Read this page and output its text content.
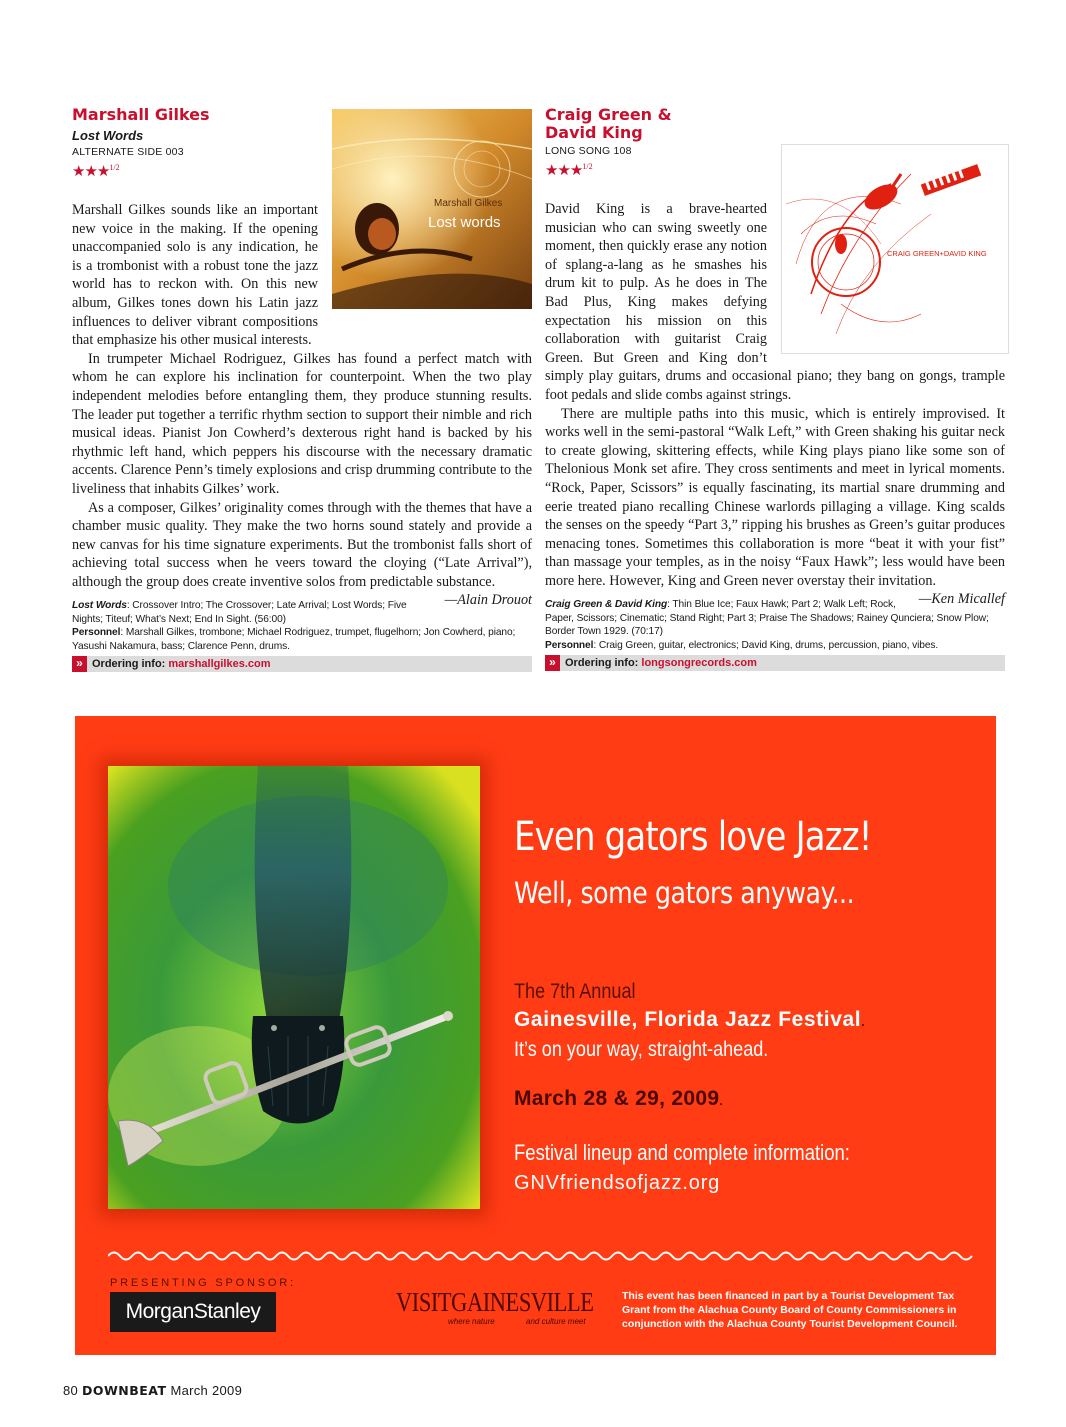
Marshall Gilkes
Lost Words
ALTERNATE SIDE 003
★★★$^{1/2}$
Marshall Gilkes
Lost words

Marshall Gilkes sounds like an important new voice in the making. If the opening unaccompanied solo is any indication, he is a trombonist with a robust tone the jazz world has to reckon with. On this new album, Gilkes tones down his Latin jazz influences to deliver vibrant compositions that emphasize his other musical interests.

In trumpeter Michael Rodriguez, Gilkes has found a perfect match with whom he can explore his inclination for counterpoint. When the two play independent melodies before entangling them, they produce stunning results. The leader put together a terrific rhythm section to support their nimble and rich musical ideas. Pianist Jon Cowherd’s dexterous right hand is backed by his rhythmic left hand, which peppers his discourse with the necessary dramatic accents. Clarence Penn’s timely explosions and crisp drumming contribute to the liveliness that inhabits Gilkes’ work.

As a composer, Gilkes’ originality comes through with the themes that have a chamber music quality. They make the two horns sound stately and provide a new canvas for his time signature experiments. But the trombonist falls short of achieving total success when he veers toward the cloying (“Late Arrival”), although the group does create inventive solos from predictable substance.
—Alain Drouot

Lost Words: Crossover Intro; The Crossover; Late Arrival; Lost Words; Five Nights; Titeuf; What’s Next; End In Sight. (56:00)
Personnel: Marshall Gilkes, trombone; Michael Rodriguez, trumpet, flugelhorn; Jon Cowherd, piano; Yasushi Nakamura, bass; Clarence Penn, drums.
» Ordering info: marshallgilkes.com
Craig Green & David King
LONG SONG 108
★★★$^{1/2}$
CRAIG GREEN+DAVID KING

David King is a brave-hearted musician who can swing sweetly one moment, then quickly erase any notion of splang-a-lang as he smashes his drum kit to pulp. As he does in The Bad Plus, King makes defying expectation his mission on this collaboration with guitarist Craig Green. But Green and King don’t simply play guitars, drums and occasional piano; they bang on gongs, trample foot pedals and slide combs against strings.

There are multiple paths into this music, which is entirely improvised. It works well in the semi-pastoral “Walk Left,” with Green shaking his guitar neck to create glowing, skittering effects, while King plays piano like some son of Thelonious Monk set afire. They cross sentiments and meet in lyrical moments. “Rock, Paper, Scissors” is equally fascinating, its martial snare drumming and eerie treated piano recalling Chinese warlords pillaging a village. King scalds the senses on the speedy “Part 3,” ripping his brushes as Green’s guitar produces menacing tones. Sometimes this collaboration is more “beat it with your fist” than massage your temples, as in the noisy “Faux Hawk”; less would have been more here. However, King and Green never overstay their invitation.
—Ken Micallef

Craig Green & David King: Thin Blue Ice; Faux Hawk; Part 2; Walk Left; Rock, Paper, Scissors; Cinematic; Stand Right; Part 3; Praise The Shadows; Rainey Qunciera; Snow Plow; Border Town 1929. (70:17)
Personnel: Craig Green, guitar, electronics; David King, drums, percussion, piano, vibes.
» Ordering info: longsongrecords.com
Even gators love Jazz!
Well, some gators anyway...
The 7th Annual
Gainesville, Florida Jazz Festival.
It’s on your way, straight-ahead.
March 28 & 29, 2009.
Festival lineup and complete information:
GNVfriendsofjazz.org
PRESENTING SPONSOR:
MorganStanley	VISITGAINESVILLE
where nature	and culture meet
This event has been financed in part by a Tourist Development Tax Grant from the Alachua County Board of County Commissioners in conjunction with the Alachua County Tourist Development Council.
80 DOWNBEAT March 2009
